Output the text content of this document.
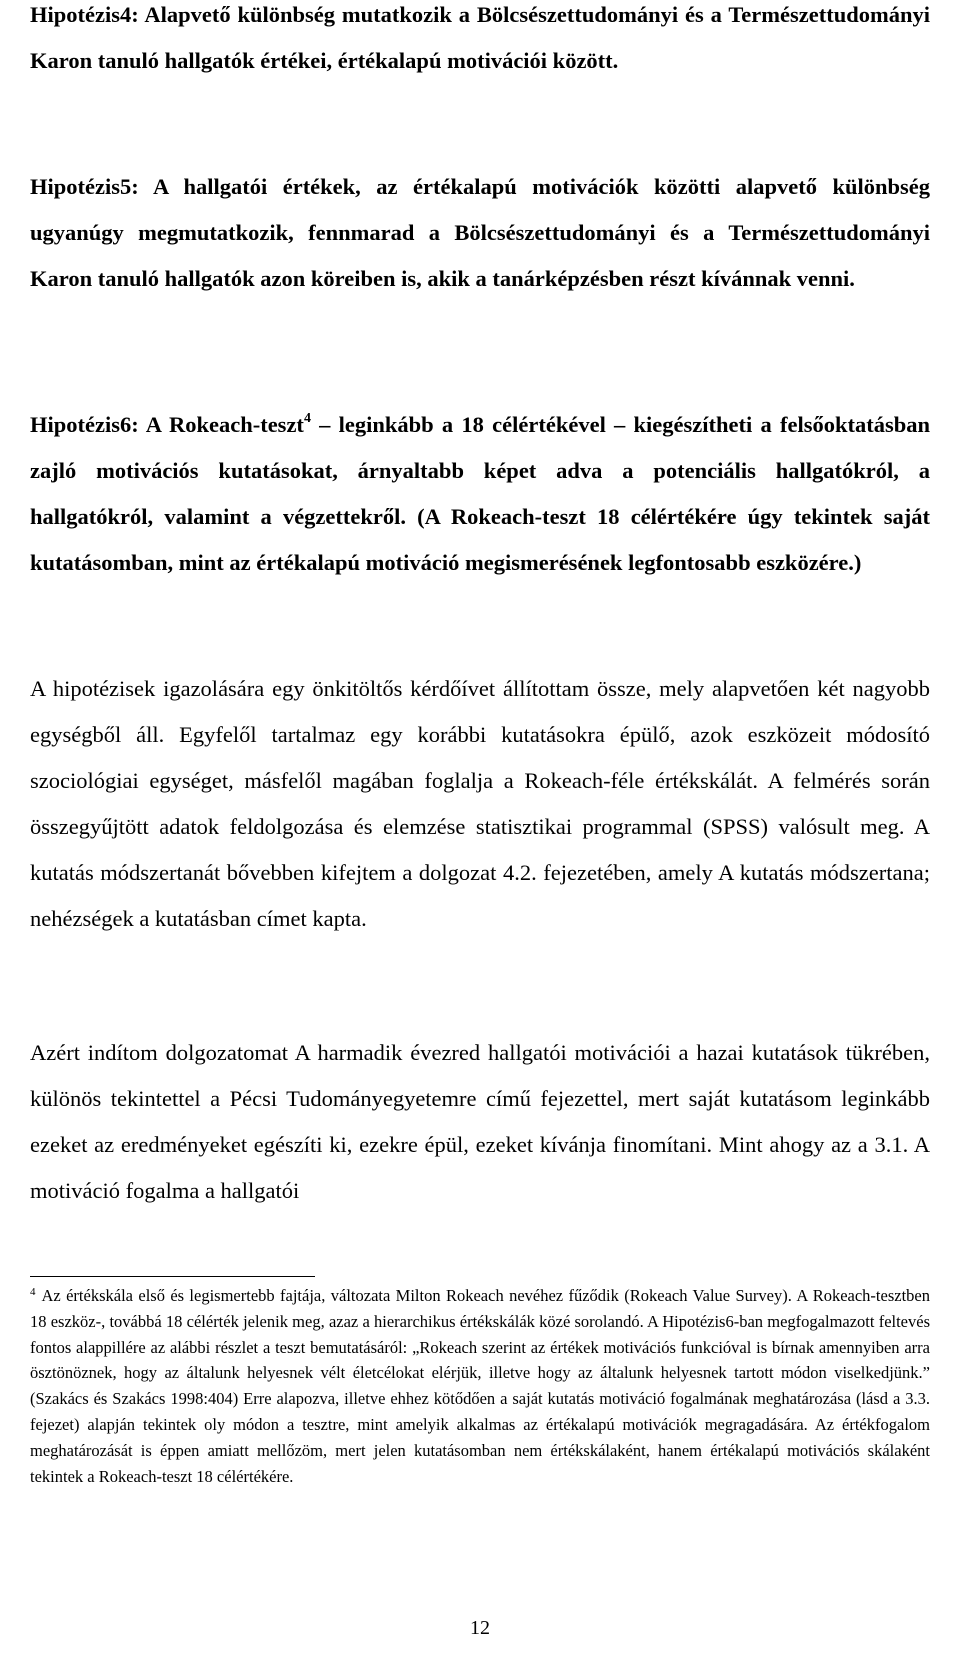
Hipotézis4: Alapvető különbség mutatkozik a Bölcsészettudományi és a Természettudományi Karon tanuló hallgatók értékei, értékalapú motivációi között.

Hipotézis5: A hallgatói értékek, az értékalapú motivációk közötti alapvető különbség ugyanúgy megmutatkozik, fennmarad a Bölcsészettudományi és a Természettudományi Karon tanuló hallgatók azon köreiben is, akik a tanárképzésben részt kívánnak venni.

Hipotézis6: A Rokeach-teszt$^4$ – leginkább a 18 célértékével – kiegészítheti a felsőoktatásban zajló motivációs kutatásokat, árnyaltabb képet adva a potenciális hallgatókról, a hallgatókról, valamint a végzettekről. (A Rokeach-teszt 18 célértékére úgy tekintek saját kutatásomban, mint az értékalapú motiváció megismerésének legfontosabb eszközére.)

A hipotézisek igazolására egy önkitöltős kérdőívet állítottam össze, mely alapvetően két nagyobb egységből áll. Egyfelől tartalmaz egy korábbi kutatásokra épülő, azok eszközeit módosító szociológiai egységet, másfelől magában foglalja a Rokeach-féle értékskálát. A felmérés során összegyűjtött adatok feldolgozása és elemzése statisztikai programmal (SPSS) valósult meg. A kutatás módszertanát bővebben kifejtem a dolgozat 4.2. fejezetében, amely A kutatás módszertana; nehézségek a kutatásban címet kapta.

Azért indítom dolgozatomat A harmadik évezred hallgatói motivációi a hazai kutatások tükrében, különös tekintettel a Pécsi Tudományegyetemre című fejezettel, mert saját kutatásom leginkább ezeket az eredményeket egészíti ki, ezekre épül, ezeket kívánja finomítani. Mint ahogy az a 3.1. A motiváció fogalma a hallgatói

$^4$ Az értékskála első és legismertebb fajtája, változata Milton Rokeach nevéhez fűződik (Rokeach Value Survey). A Rokeach-tesztben 18 eszköz-, továbbá 18 célérték jelenik meg, azaz a hierarchikus értékskálák közé sorolandó. A Hipotézis6-ban megfogalmazott feltevés fontos alappillére az alábbi részlet a teszt bemutatásáról: „Rokeach szerint az értékek motivációs funkcióval is bírnak amennyiben arra ösztönöznek, hogy az általunk helyesnek vélt életcélokat elérjük, illetve hogy az általunk helyesnek tartott módon viselkedjünk.” (Szakács és Szakács 1998:404) Erre alapozva, illetve ehhez kötődően a saját kutatás motiváció fogalmának meghatározása (lásd a 3.3. fejezet) alapján tekintek oly módon a tesztre, mint amelyik alkalmas az értékalapú motivációk megragadására. Az értékfogalom meghatározását is éppen amiatt mellőzöm, mert jelen kutatásomban nem értékskálaként, hanem értékalapú motivációs skálaként tekintek a Rokeach-teszt 18 célértékére.

12
